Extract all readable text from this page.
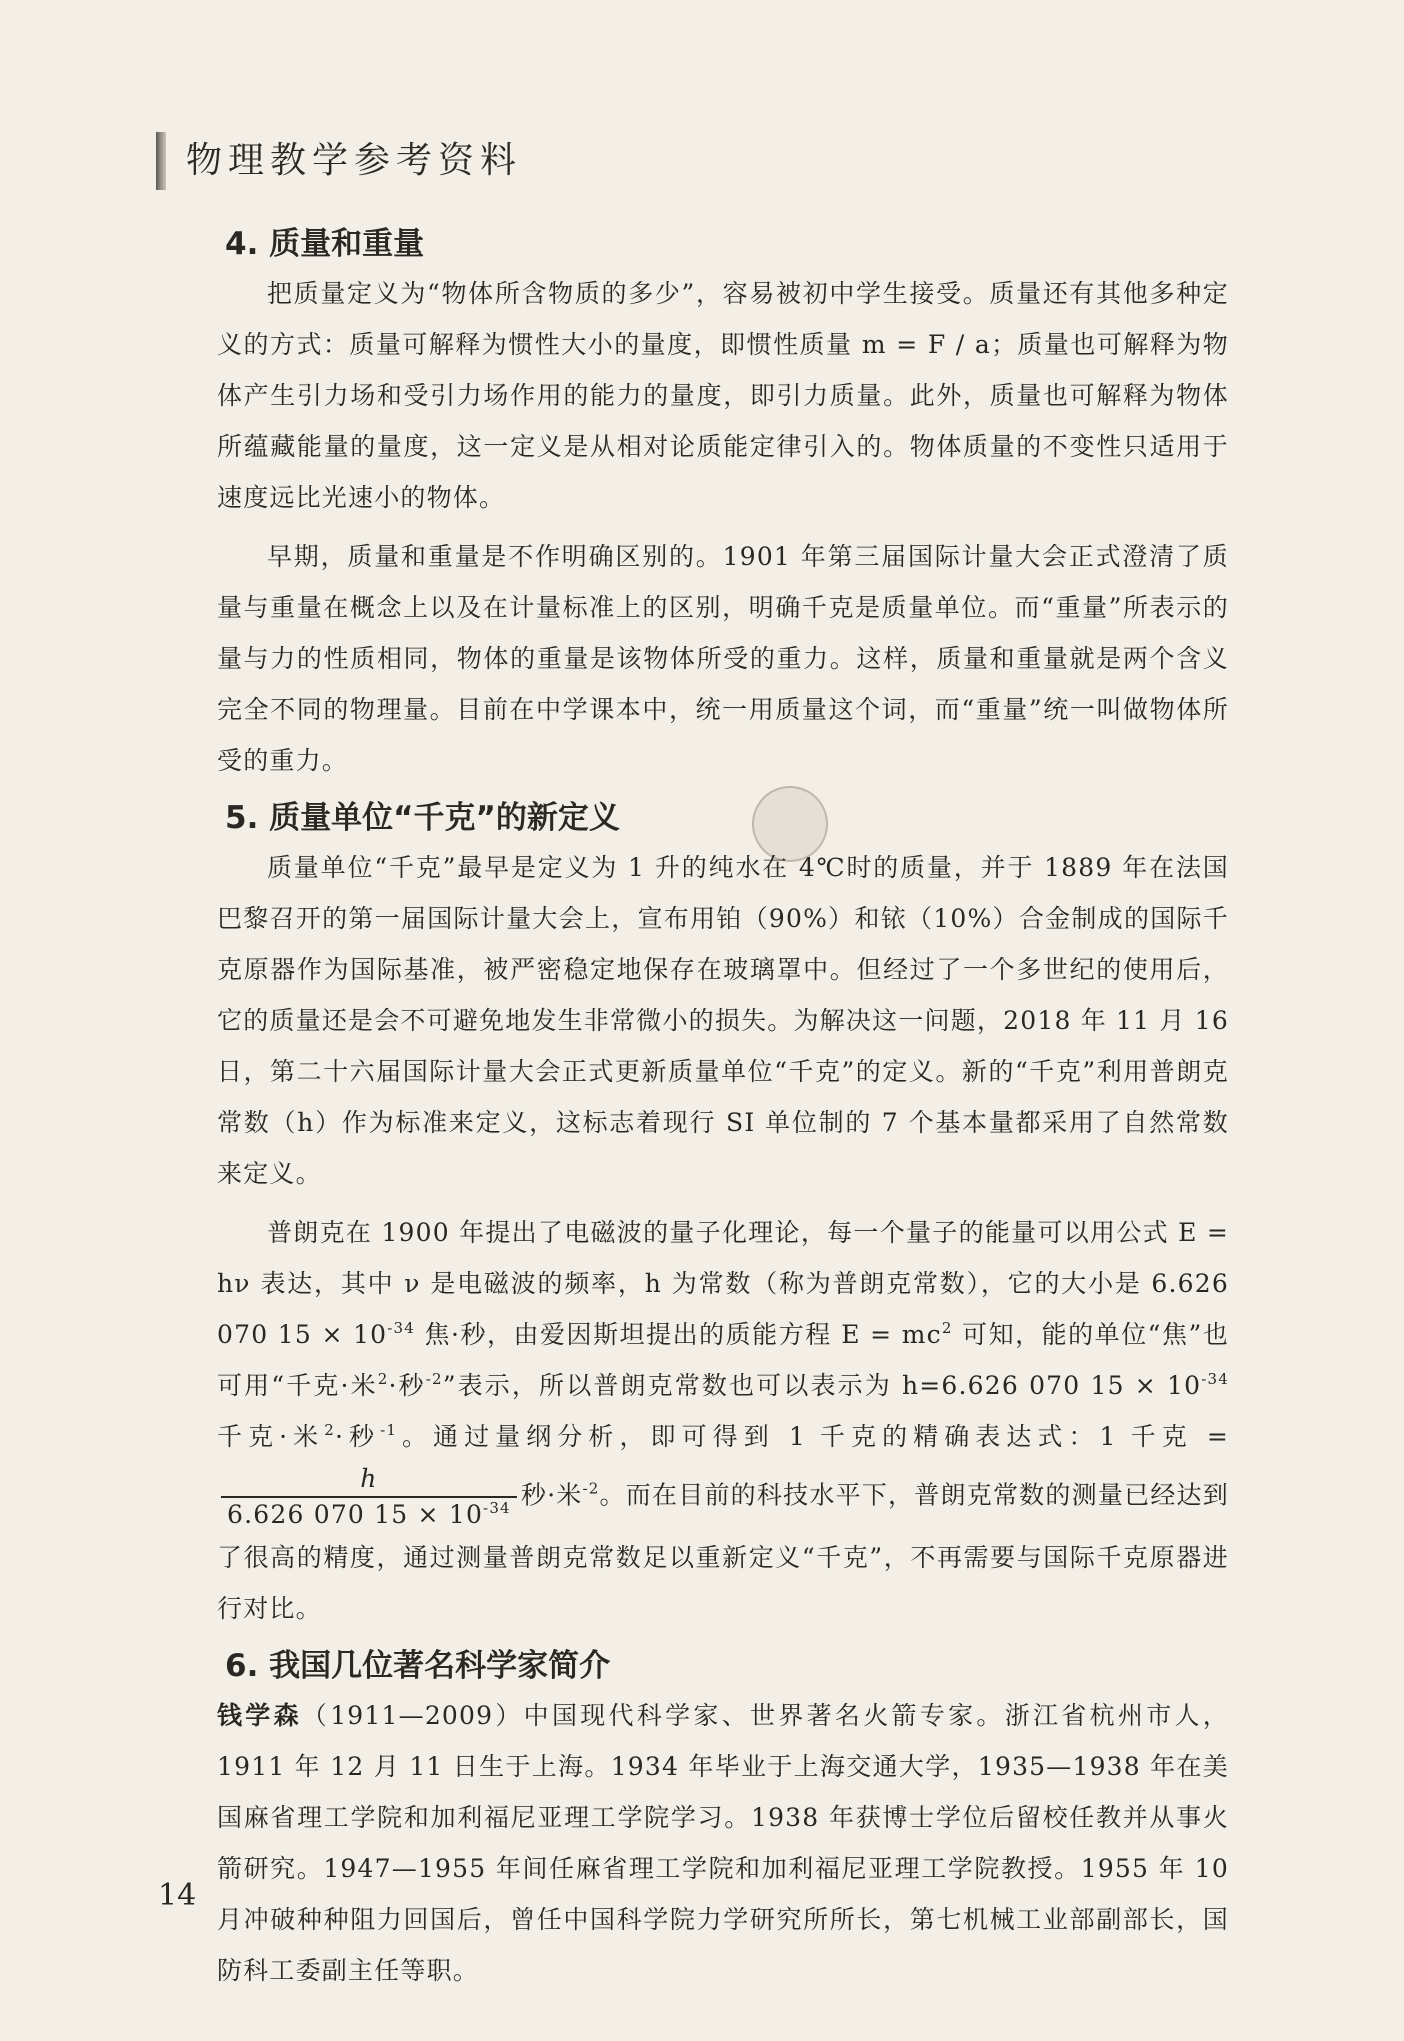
物理教学参考资料
4. 质量和重量

把质量定义为“物体所含物质的多少”，容易被初中学生接受。质量还有其他多种定义的方式：质量可解释为惯性大小的量度，即惯性质量 m = F / a；质量也可解释为物体产生引力场和受引力场作用的能力的量度，即引力质量。此外，质量也可解释为物体所蕴藏能量的量度，这一定义是从相对论质能定律引入的。物体质量的不变性只适用于速度远比光速小的物体。

早期，质量和重量是不作明确区别的。1901 年第三届国际计量大会正式澄清了质量与重量在概念上以及在计量标准上的区别，明确千克是质量单位。而“重量”所表示的量与力的性质相同，物体的重量是该物体所受的重力。这样，质量和重量就是两个含义完全不同的物理量。目前在中学课本中，统一用质量这个词，而“重量”统一叫做物体所受的重力。

5. 质量单位“千克”的新定义

质量单位“千克”最早是定义为 1 升的纯水在 4℃时的质量，并于 1889 年在法国巴黎召开的第一届国际计量大会上，宣布用铂（90%）和铱（10%）合金制成的国际千克原器作为国际基准，被严密稳定地保存在玻璃罩中。但经过了一个多世纪的使用后，它的质量还是会不可避免地发生非常微小的损失。为解决这一问题，2018 年 11 月 16 日，第二十六届国际计量大会正式更新质量单位“千克”的定义。新的“千克”利用普朗克常数（h）作为标准来定义，这标志着现行 SI 单位制的 7 个基本量都采用了自然常数来定义。

普朗克在 1900 年提出了电磁波的量子化理论，每一个量子的能量可以用公式 E = hν 表达，其中 ν 是电磁波的频率，h 为常数（称为普朗克常数），它的大小是 6.626 070 $15 \times 10^{-34}$ 焦·秒，由爱因斯坦提出的质能方程 $E = mc^2$ 可知，能的单位“焦”也可用“千克·米$^2$·秒$^{-2}$”表示，所以普朗克常数也可以表示为 h=6.626 070 $15 \times 10^{-34}$ 千克·米$^2$·秒$^{-1}$。通过量纲分析，即可得到 1 千克的精确表达式：1 千克 =
$\frac{h}{6.626 070 15 \times 10^{-34}}$ 秒·米$^{-2}$。而在目前的科技水平下，普朗克常数的测量已经达到了很高的精度，通过测量普朗克常数足以重新定义“千克”，不再需要与国际千克原器进行对比。

6. 我国几位著名科学家简介

钱学森（1911—2009）中国现代科学家、世界著名火箭专家。浙江省杭州市人，1911 年 12 月 11 日生于上海。1934 年毕业于上海交通大学，1935—1938 年在美国麻省理工学院和加利福尼亚理工学院学习。1938 年获博士学位后留校任教并从事火箭研究。1947—1955 年间任麻省理工学院和加利福尼亚理工学院教授。1955 年 10 月冲破种种阻力回国后，曾任中国科学院力学研究所所长，第七机械工业部副部长，国防科工委副主任等职。

14
